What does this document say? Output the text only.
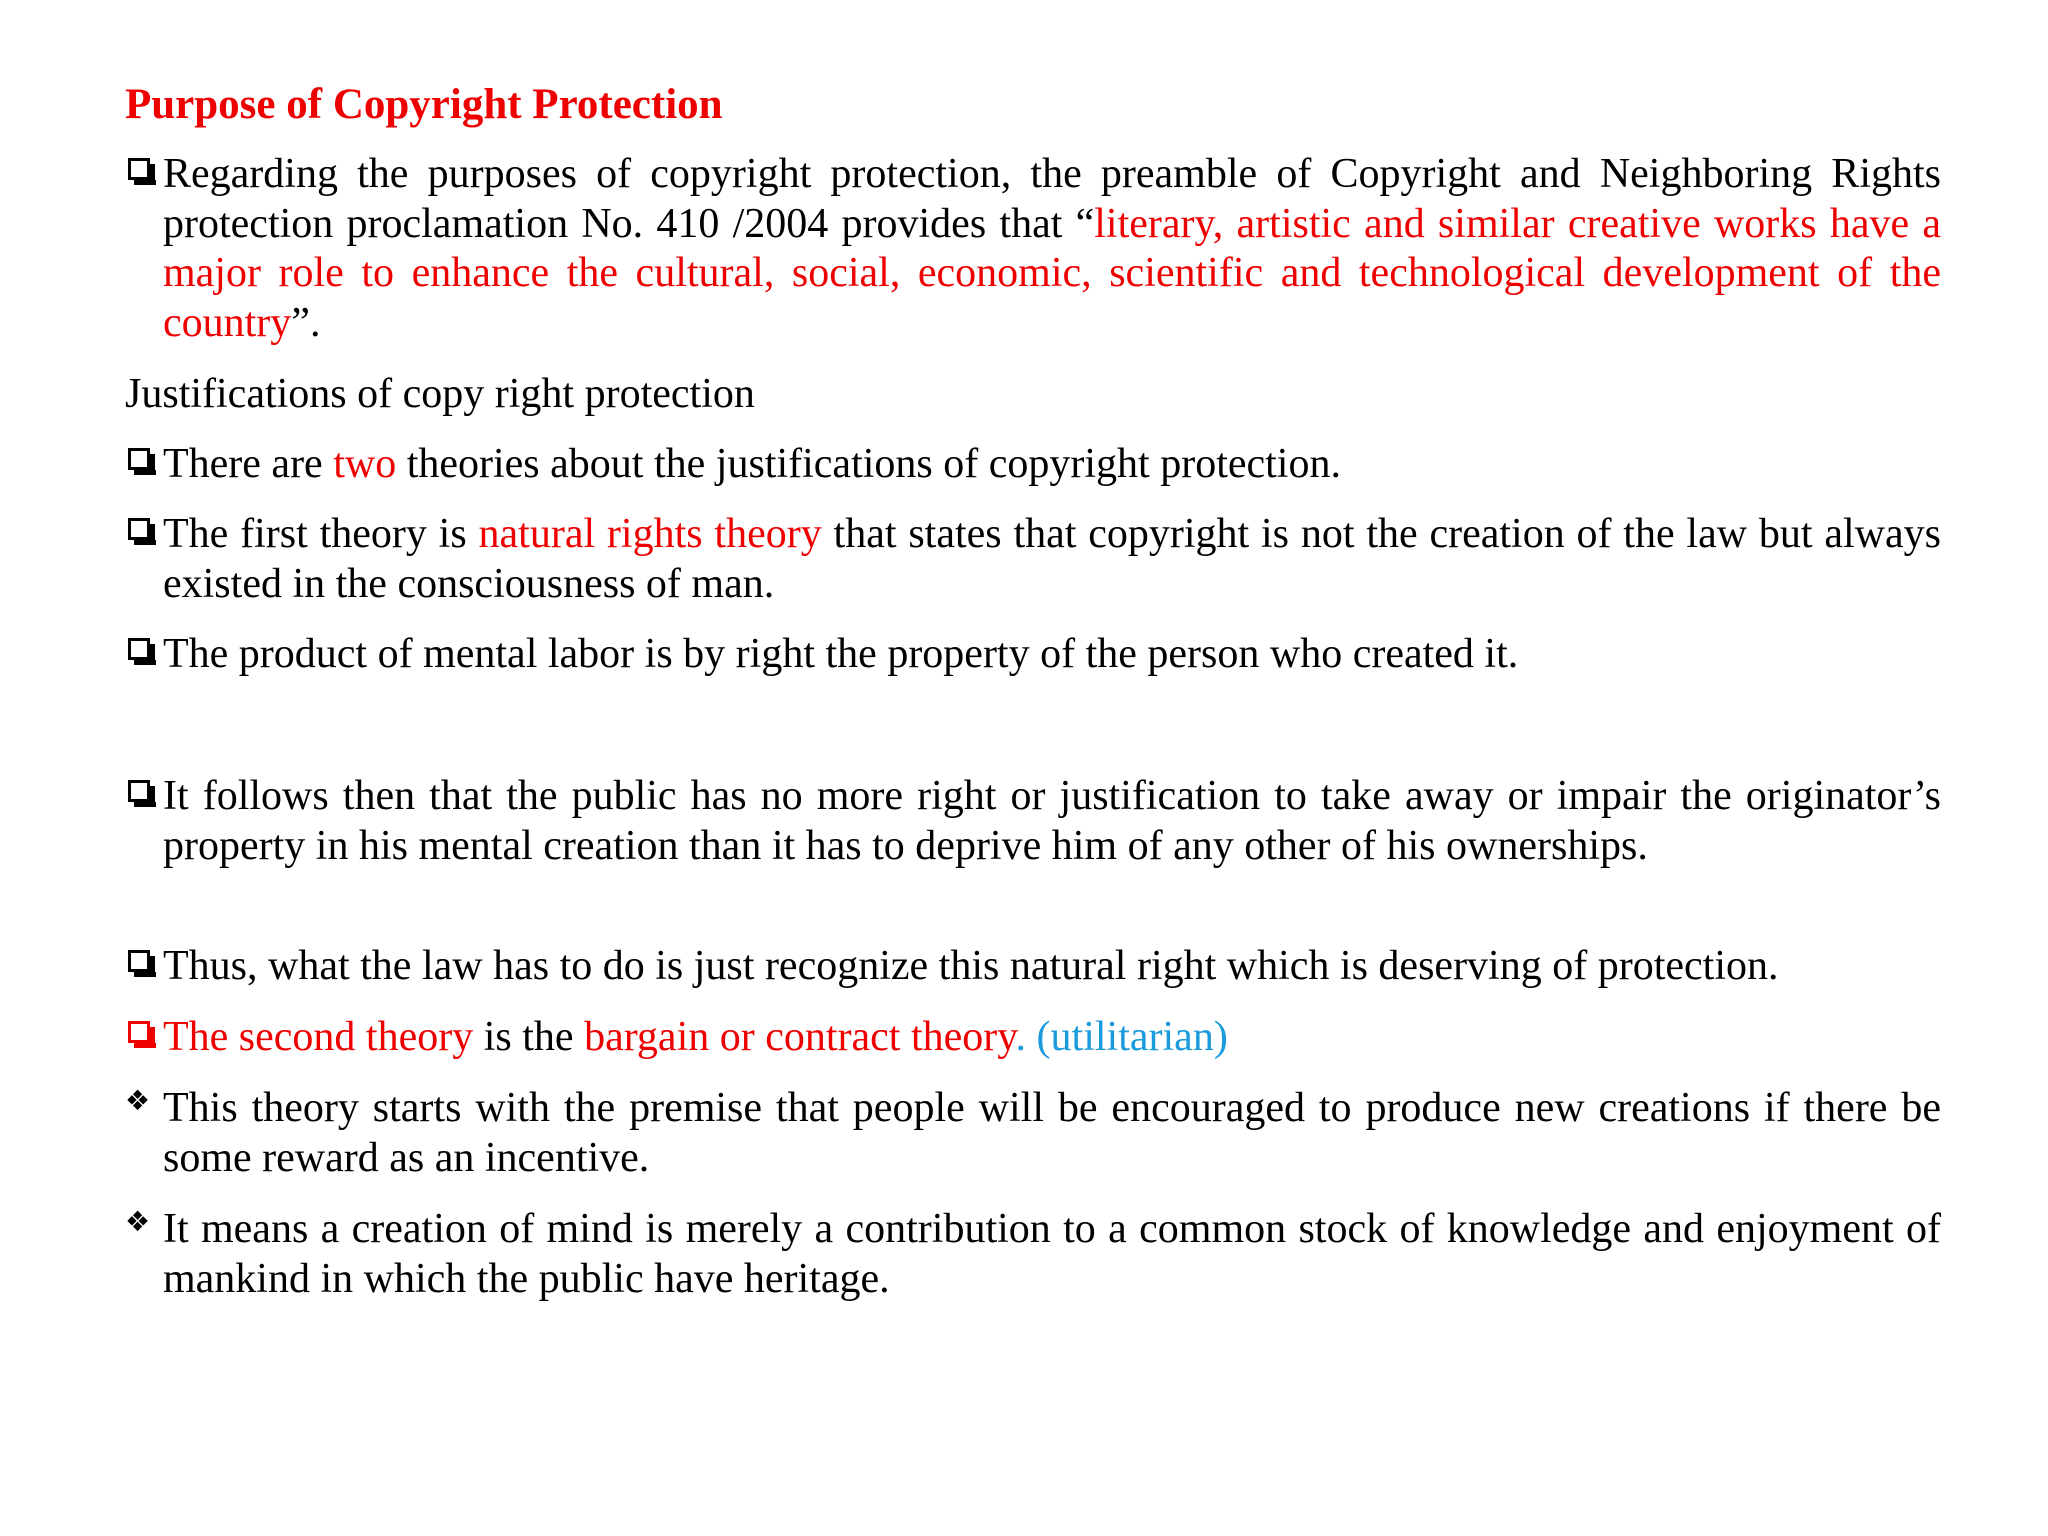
Purpose of Copyright Protection
Regarding the purposes of copyright protection, the preamble of Copyright and Neighboring Rights protection proclamation No. 410 /2004 provides that “literary, artistic and similar creative works have a major role to enhance the cultural, social, economic, scientific and technological development of the country”.
Justifications of copy right protection
There are two theories about the justifications of copyright protection.
The first theory is natural rights theory that states that copyright is not the creation of the law but always existed in the consciousness of man.
The product of mental labor is by right the property of the person who created it.
It follows then that the public has no more right or justification to take away or impair the originator’s property in his mental creation than it has to deprive him of any other of his ownerships.
Thus, what the law has to do is just recognize this natural right which is deserving of protection.
The second theory is the bargain or contract theory. (utilitarian)
❖ This theory starts with the premise that people will be encouraged to produce new creations if there be some reward as an incentive.
❖ It means a creation of mind is merely a contribution to a common stock of knowledge and enjoyment of mankind in which the public have heritage.
